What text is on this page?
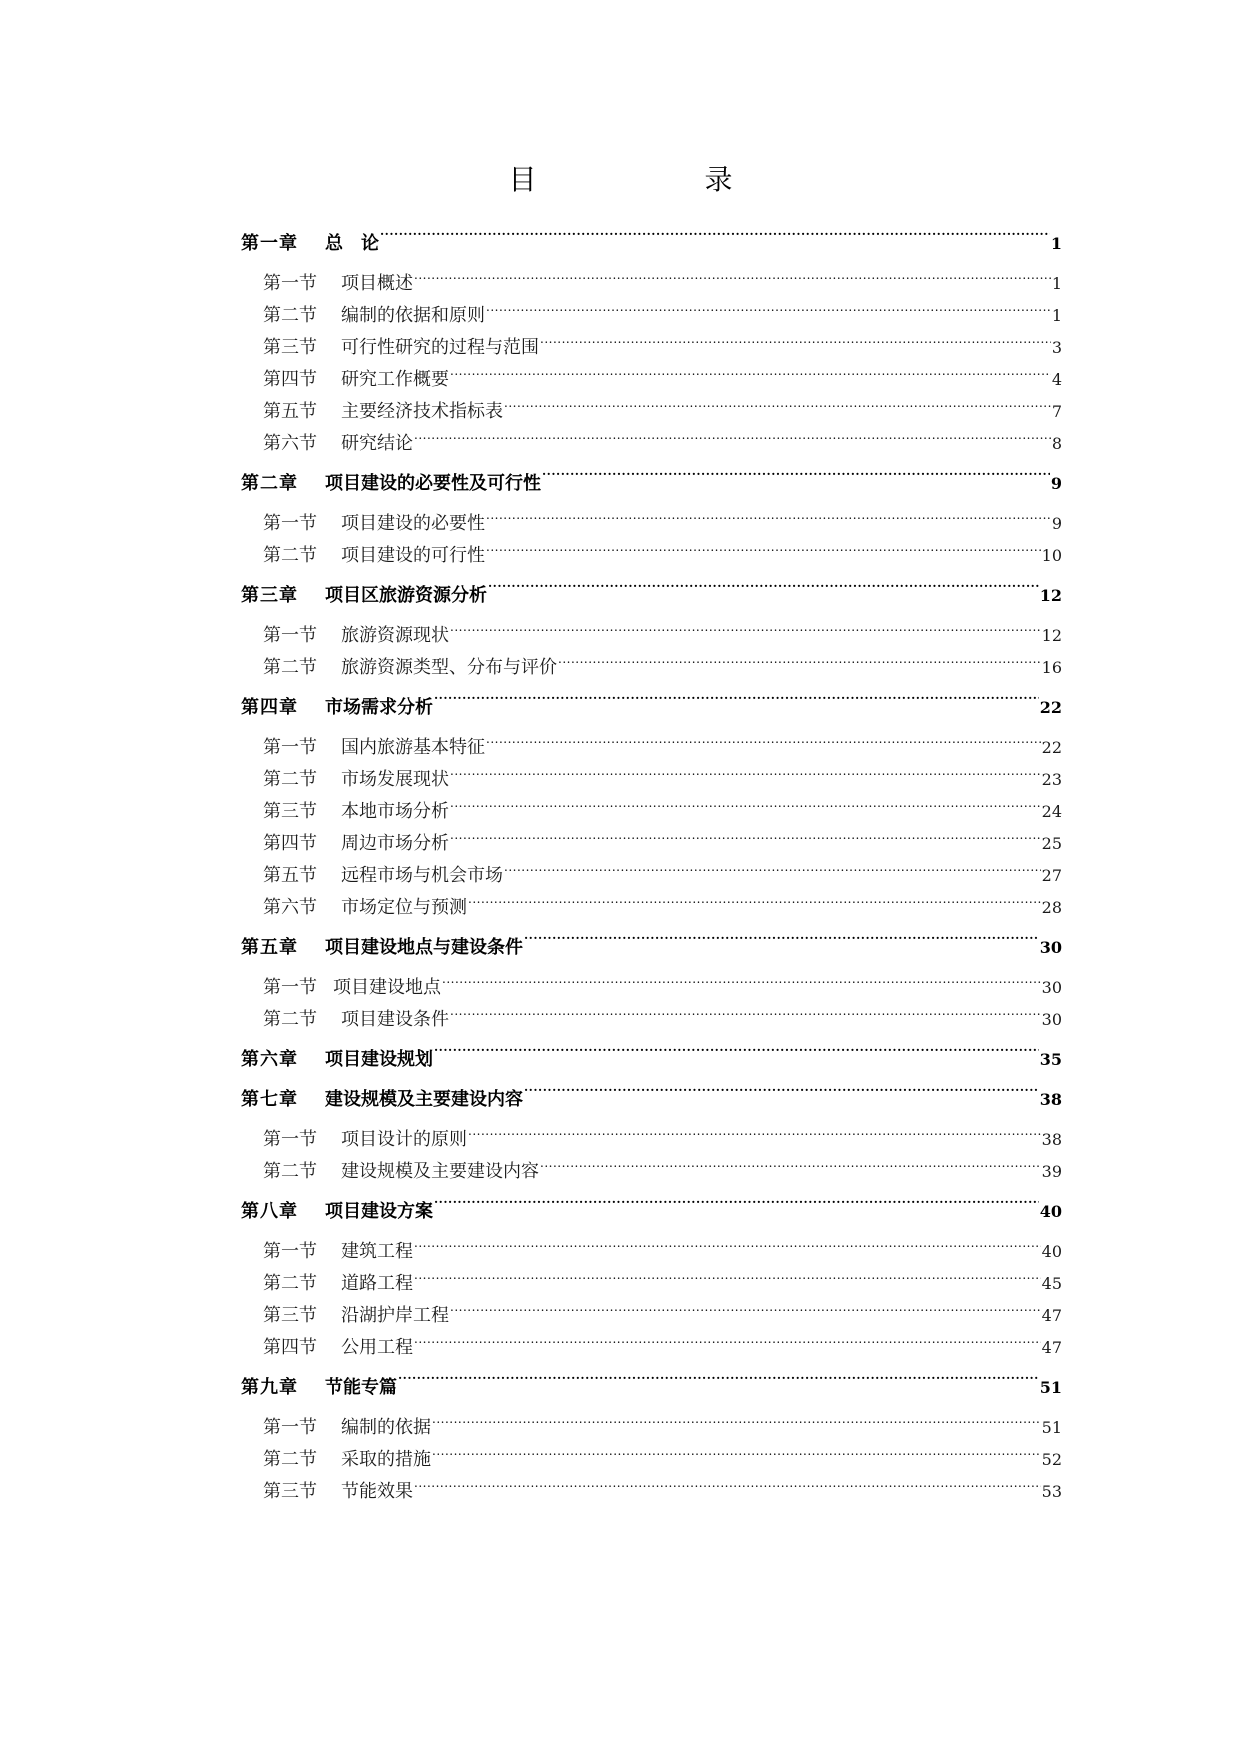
目　录
第一章	总　论 .....	1
第一节	项目概述 .....	1
第二节	编制的依据和原则 .....	1
第三节	可行性研究的过程与范围 .....	3
第四节	研究工作概要 .....	4
第五节	主要经济技术指标表 .....	7
第六节	研究结论 .....	8
第二章	项目建设的必要性及可行性 .....	9
第一节	项目建设的必要性 .....	9
第二节	项目建设的可行性 .....	10
第三章	项目区旅游资源分析 .....	12
第一节	旅游资源现状 .....	12
第二节	旅游资源类型、分布与评价 .....	16
第四章	市场需求分析 .....	22
第一节	国内旅游基本特征 .....	22
第二节	市场发展现状 .....	23
第三节	本地市场分析 .....	24
第四节	周边市场分析 .....	25
第五节	远程市场与机会市场 .....	27
第六节	市场定位与预测 .....	28
第五章	项目建设地点与建设条件 .....	30
第一节 项目建设地点 .....	30
第二节	项目建设条件 .....	30
第六章	项目建设规划 .....	35
第七章	建设规模及主要建设内容 .....	38
第一节	项目设计的原则 .....	38
第二节	建设规模及主要建设内容 .....	39
第八章	项目建设方案 .....	40
第一节	建筑工程 .....	40
第二节	道路工程 .....	45
第三节	沿湖护岸工程 .....	47
第四节	公用工程 .....	47
第九章	节能专篇 .....	51
第一节	编制的依据 .....	51
第二节	采取的措施 .....	52
第三节	节能效果 .....	53
